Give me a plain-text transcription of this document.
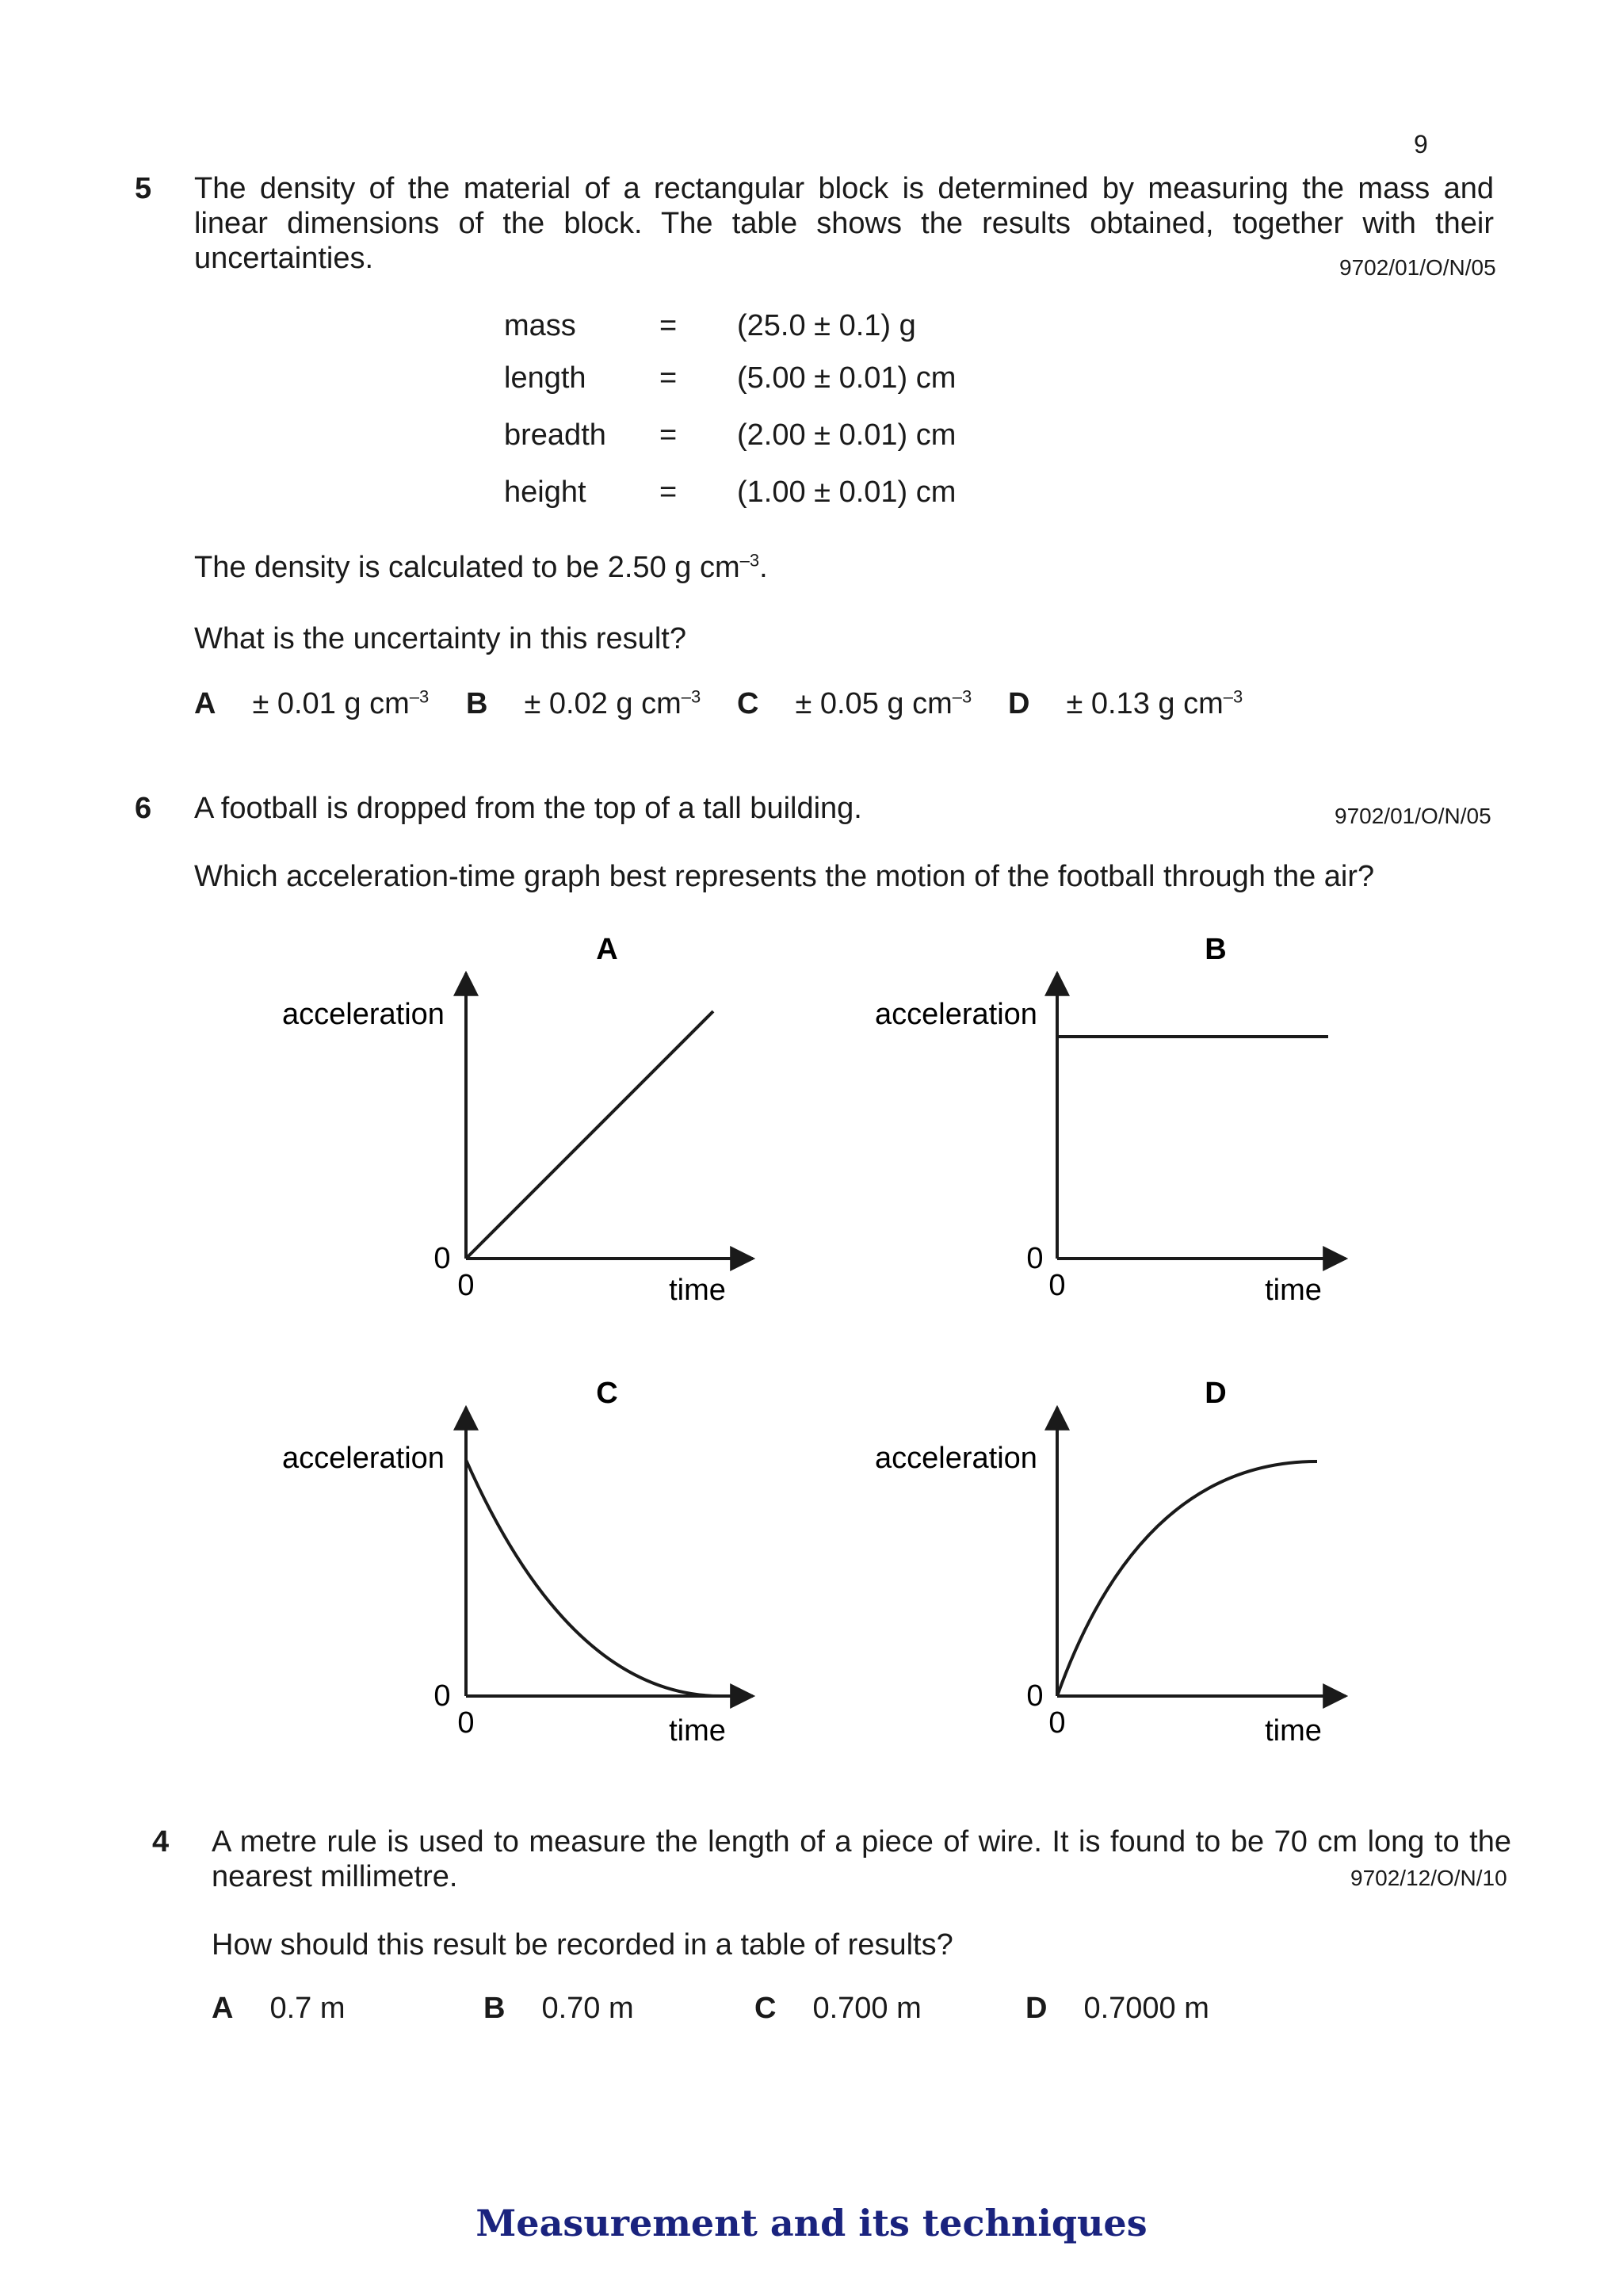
9
5 The density of the material of a rectangular block is determined by measuring the mass and linear dimensions of the block. The table shows the results obtained, together with their uncertainties.	9702/01/O/N/05
mass	= (25.0 ± 0.1) g
length = (5.00 ± 0.01) cm
breadth = (2.00 ± 0.01) cm
height = (1.00 ± 0.01) cm
The density is calculated to be 2.50 g $cm^{-3}$.
What is the uncertainty in this result?
A ± 0.01 g $cm^{-3}$ B ± 0.02 g $cm^{-3}$ C ± 0.05 g $cm^{-3}$ D ± 0.13 g $cm^{-3}$
6 A football is dropped from the top of a tall building.	9702/01/O/N/05
Which acceleration-time graph best represents the motion of the football through the air?
A
acceleration
0
0	time
B
acceleration
0
0	time
C
acceleration
0
0	time
D
acceleration
0
0	time
4 A metre rule is used to measure the length of a piece of wire. It is found to be 70 cm long to the nearest millimetre.	9702/12/O/N/10
How should this result be recorded in a table of results?
A 0.7 m	B 0.70 m	C 0.700 m	D 0.7000 m
Measurement and its techniques
